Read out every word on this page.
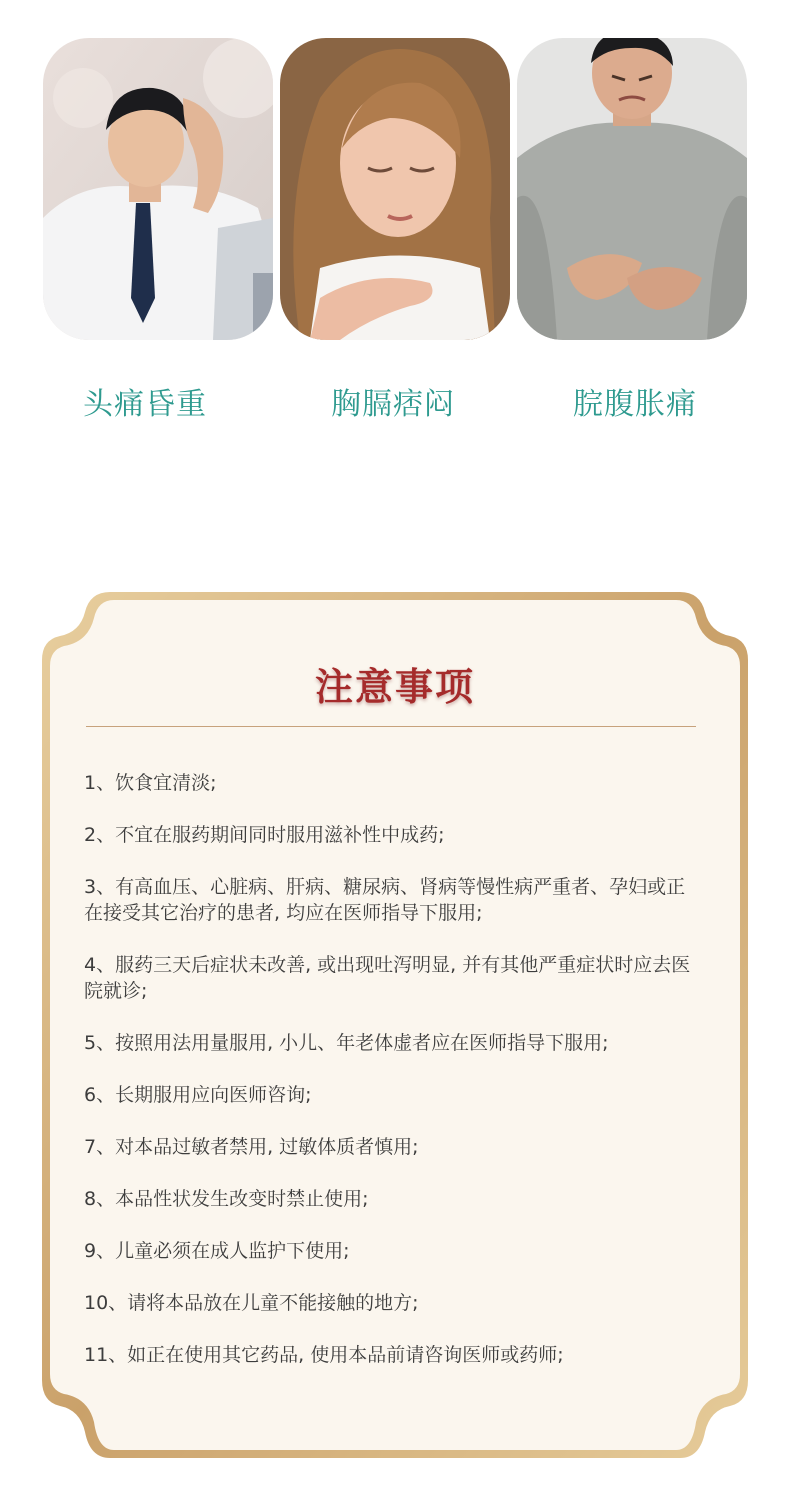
头痛昏重	胸膈痞闷	脘腹胀痛
注意事项
1、饮食宜清淡;
2、不宜在服药期间同时服用滋补性中成药;
3、有高血压、心脏病、肝病、糖尿病、肾病等慢性病严重者、孕妇或正在接受其它治疗的患者, 均应在医师指导下服用;
4、服药三天后症状未改善, 或出现吐泻明显, 并有其他严重症状时应去医院就诊;
5、按照用法用量服用, 小儿、年老体虚者应在医师指导下服用;
6、长期服用应向医师咨询;
7、对本品过敏者禁用, 过敏体质者慎用;
8、本品性状发生改变时禁止使用;
9、儿童必须在成人监护下使用;
10、请将本品放在儿童不能接触的地方;
11、如正在使用其它药品, 使用本品前请咨询医师或药师;
